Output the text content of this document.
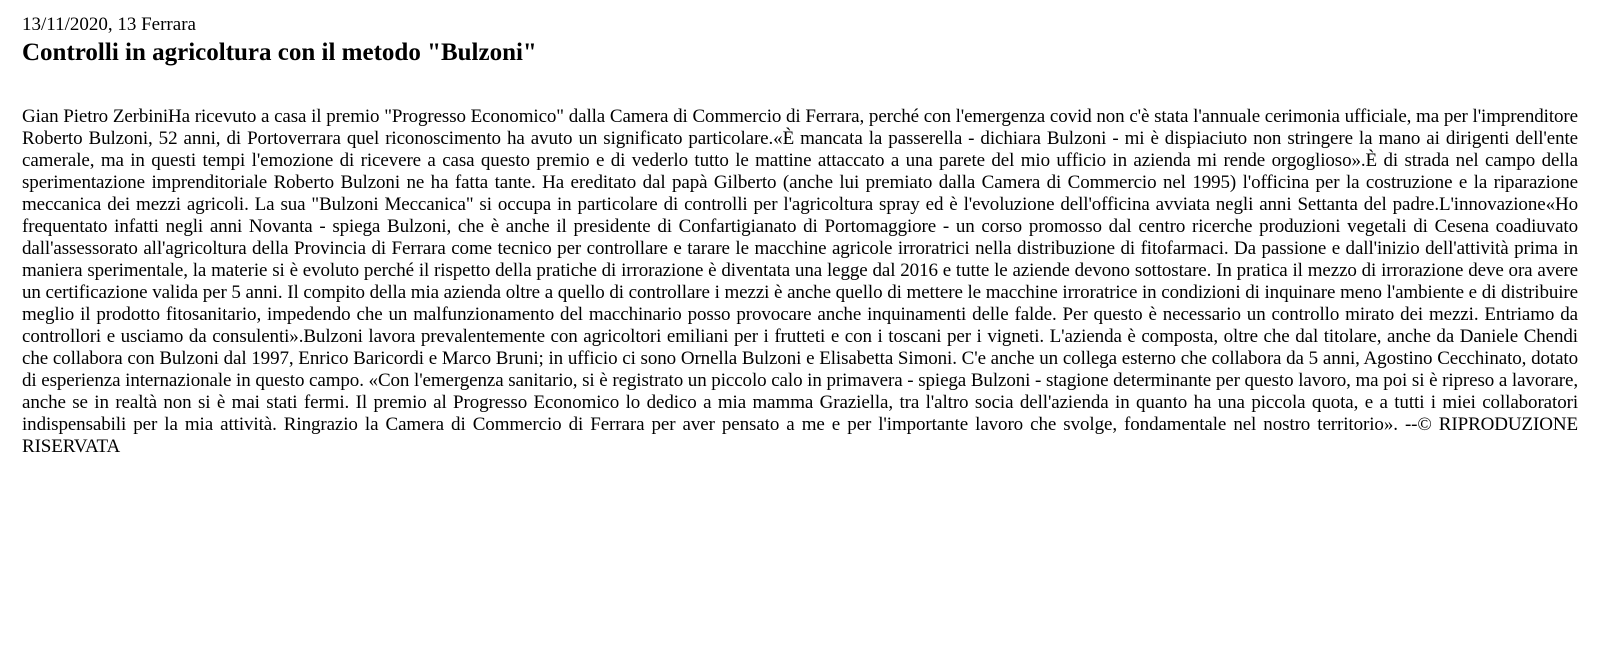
13/11/2020, 13 Ferrara
Controlli in agricoltura con il metodo "Bulzoni"

Gian Pietro ZerbiniHa ricevuto a casa il premio "Progresso Economico" dalla Camera di Commercio di Ferrara, perché con l'emergenza covid non c'è stata l'annuale cerimonia ufficiale, ma per l'imprenditore Roberto Bulzoni, 52 anni, di Portoverrara quel riconoscimento ha avuto un significato particolare.«È mancata la passerella - dichiara Bulzoni - mi è dispiaciuto non stringere la mano ai dirigenti dell'ente camerale, ma in questi tempi l'emozione di ricevere a casa questo premio e di vederlo tutto le mattine attaccato a una parete del mio ufficio in azienda mi rende orgoglioso».È di strada nel campo della sperimentazione imprenditoriale Roberto Bulzoni ne ha fatta tante. Ha ereditato dal papà Gilberto (anche lui premiato dalla Camera di Commercio nel 1995) l'officina per la costruzione e la riparazione meccanica dei mezzi agricoli. La sua "Bulzoni Meccanica" si occupa in particolare di controlli per l'agricoltura spray ed è l'evoluzione dell'officina avviata negli anni Settanta del padre.L'innovazione«Ho frequentato infatti negli anni Novanta - spiega Bulzoni, che è anche il presidente di Confartigianato di Portomaggiore - un corso promosso dal centro ricerche produzioni vegetali di Cesena coadiuvato dall'assessorato all'agricoltura della Provincia di Ferrara come tecnico per controllare e tarare le macchine agricole irroratrici nella distribuzione di fitofarmaci. Da passione e dall'inizio dell'attività prima in maniera sperimentale, la materie si è evoluto perché il rispetto della pratiche di irrorazione è diventata una legge dal 2016 e tutte le aziende devono sottostare. In pratica il mezzo di irrorazione deve ora avere un certificazione valida per 5 anni. Il compito della mia azienda oltre a quello di controllare i mezzi è anche quello di mettere le macchine irroratrice in condizioni di inquinare meno l'ambiente e di distribuire meglio il prodotto fitosanitario, impedendo che un malfunzionamento del macchinario posso provocare anche inquinamenti delle falde. Per questo è necessario un controllo mirato dei mezzi. Entriamo da controllori e usciamo da consulenti».Bulzoni lavora prevalentemente con agricoltori emiliani per i frutteti e con i toscani per i vigneti. L'azienda è composta, oltre che dal titolare, anche da Daniele Chendi che collabora con Bulzoni dal 1997, Enrico Baricordi e Marco Bruni; in ufficio ci sono Ornella Bulzoni e Elisabetta Simoni. C'e anche un collega esterno che collabora da 5 anni, Agostino Cecchinato, dotato di esperienza internazionale in questo campo. «Con l'emergenza sanitario, si è registrato un piccolo calo in primavera - spiega Bulzoni - stagione determinante per questo lavoro, ma poi si è ripreso a lavorare, anche se in realtà non si è mai stati fermi. Il premio al Progresso Economico lo dedico a mia mamma Graziella, tra l'altro socia dell'azienda in quanto ha una piccola quota, e a tutti i miei collaboratori indispensabili per la mia attività. Ringrazio la Camera di Commercio di Ferrara per aver pensato a me e per l'importante lavoro che svolge, fondamentale nel nostro territorio». --© RIPRODUZIONE RISERVATA
